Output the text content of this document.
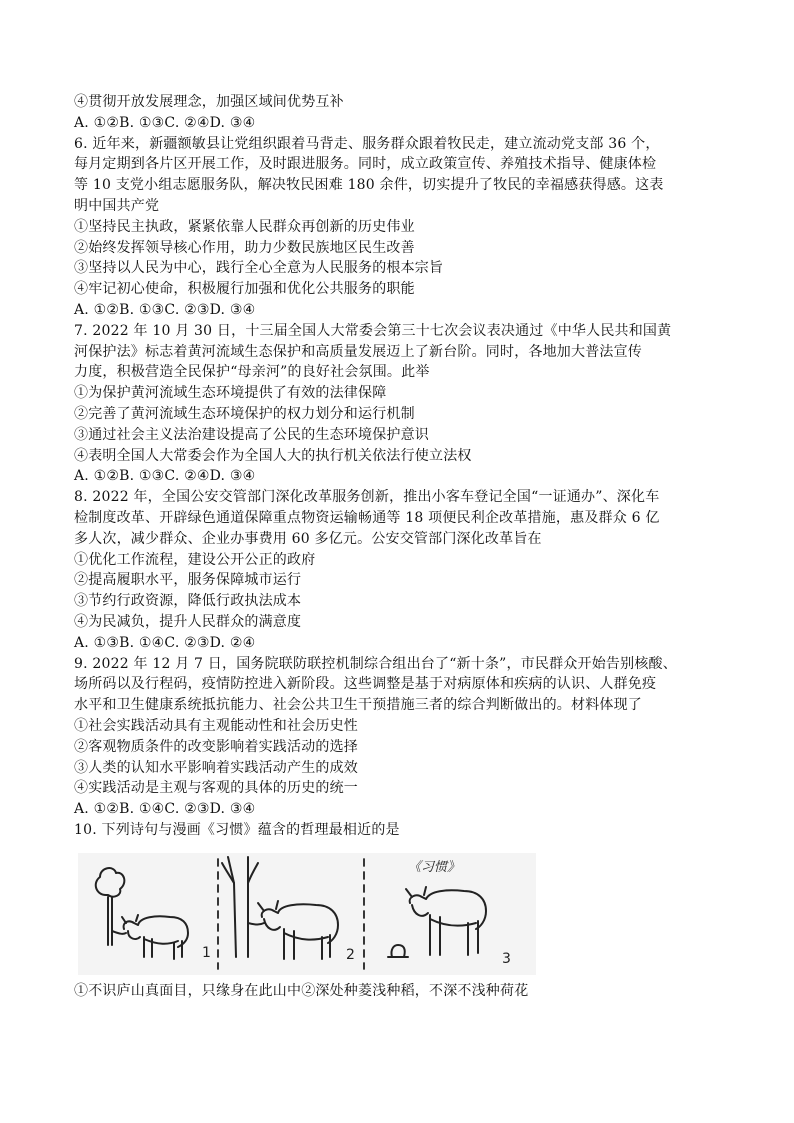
④贯彻开放发展理念，加强区域间优势互补
A. ①②B. ①③C. ②④D. ③④
6. 近年来，新疆额敏县让党组织跟着马背走、服务群众跟着牧民走，建立流动党支部 36 个，
每月定期到各片区开展工作，及时跟进服务。同时，成立政策宣传、养殖技术指导、健康体检
等 10 支党小组志愿服务队，解决牧民困难 180 余件，切实提升了牧民的幸福感获得感。这表
明中国共产党
①坚持民主执政，紧紧依靠人民群众再创新的历史伟业
②始终发挥领导核心作用，助力少数民族地区民生改善
③坚持以人民为中心，践行全心全意为人民服务的根本宗旨
④牢记初心使命，积极履行加强和优化公共服务的职能
A. ①②B. ①③C. ②③D. ③④
7. 2022 年 10 月 30 日，十三届全国人大常委会第三十七次会议表决通过《中华人民共和国黄
河保护法》标志着黄河流域生态保护和高质量发展迈上了新台阶。同时，各地加大普法宣传
力度，积极营造全民保护“母亲河”的良好社会氛围。此举
①为保护黄河流域生态环境提供了有效的法律保障
②完善了黄河流域生态环境保护的权力划分和运行机制
③通过社会主义法治建设提高了公民的生态环境保护意识
④表明全国人大常委会作为全国人大的执行机关依法行使立法权
A. ①②B. ①③C. ②④D. ③④
8. 2022 年，全国公安交管部门深化改革服务创新，推出小客车登记全国“一证通办”、深化车
检制度改革、开辟绿色通道保障重点物资运输畅通等 18 项便民利企改革措施，惠及群众 6 亿
多人次，减少群众、企业办事费用 60 多亿元。公安交管部门深化改革旨在
①优化工作流程，建设公开公正的政府
②提高履职水平，服务保障城市运行
③节约行政资源，降低行政执法成本
④为民减负，提升人民群众的满意度
A. ①③B. ①④C. ②③D. ②④
9. 2022 年 12 月 7 日，国务院联防联控机制综合组出台了“新十条”，市民群众开始告别核酸、
场所码以及行程码，疫情防控进入新阶段。这些调整是基于对病原体和疾病的认识、人群免疫
水平和卫生健康系统抵抗能力、社会公共卫生干预措施三者的综合判断做出的。材料体现了
①社会实践活动具有主观能动性和社会历史性
②客观物质条件的改变影响着实践活动的选择
③人类的认知水平影响着实践活动产生的成效
④实践活动是主观与客观的具体的历史的统一
A. ①②B. ①④C. ②③D. ③④
10. 下列诗句与漫画《习惯》蕴含的哲理最相近的是
1	2
《习惯》
3
①不识庐山真面目，只缘身在此山中②深处种菱浅种稻，不深不浅种荷花
